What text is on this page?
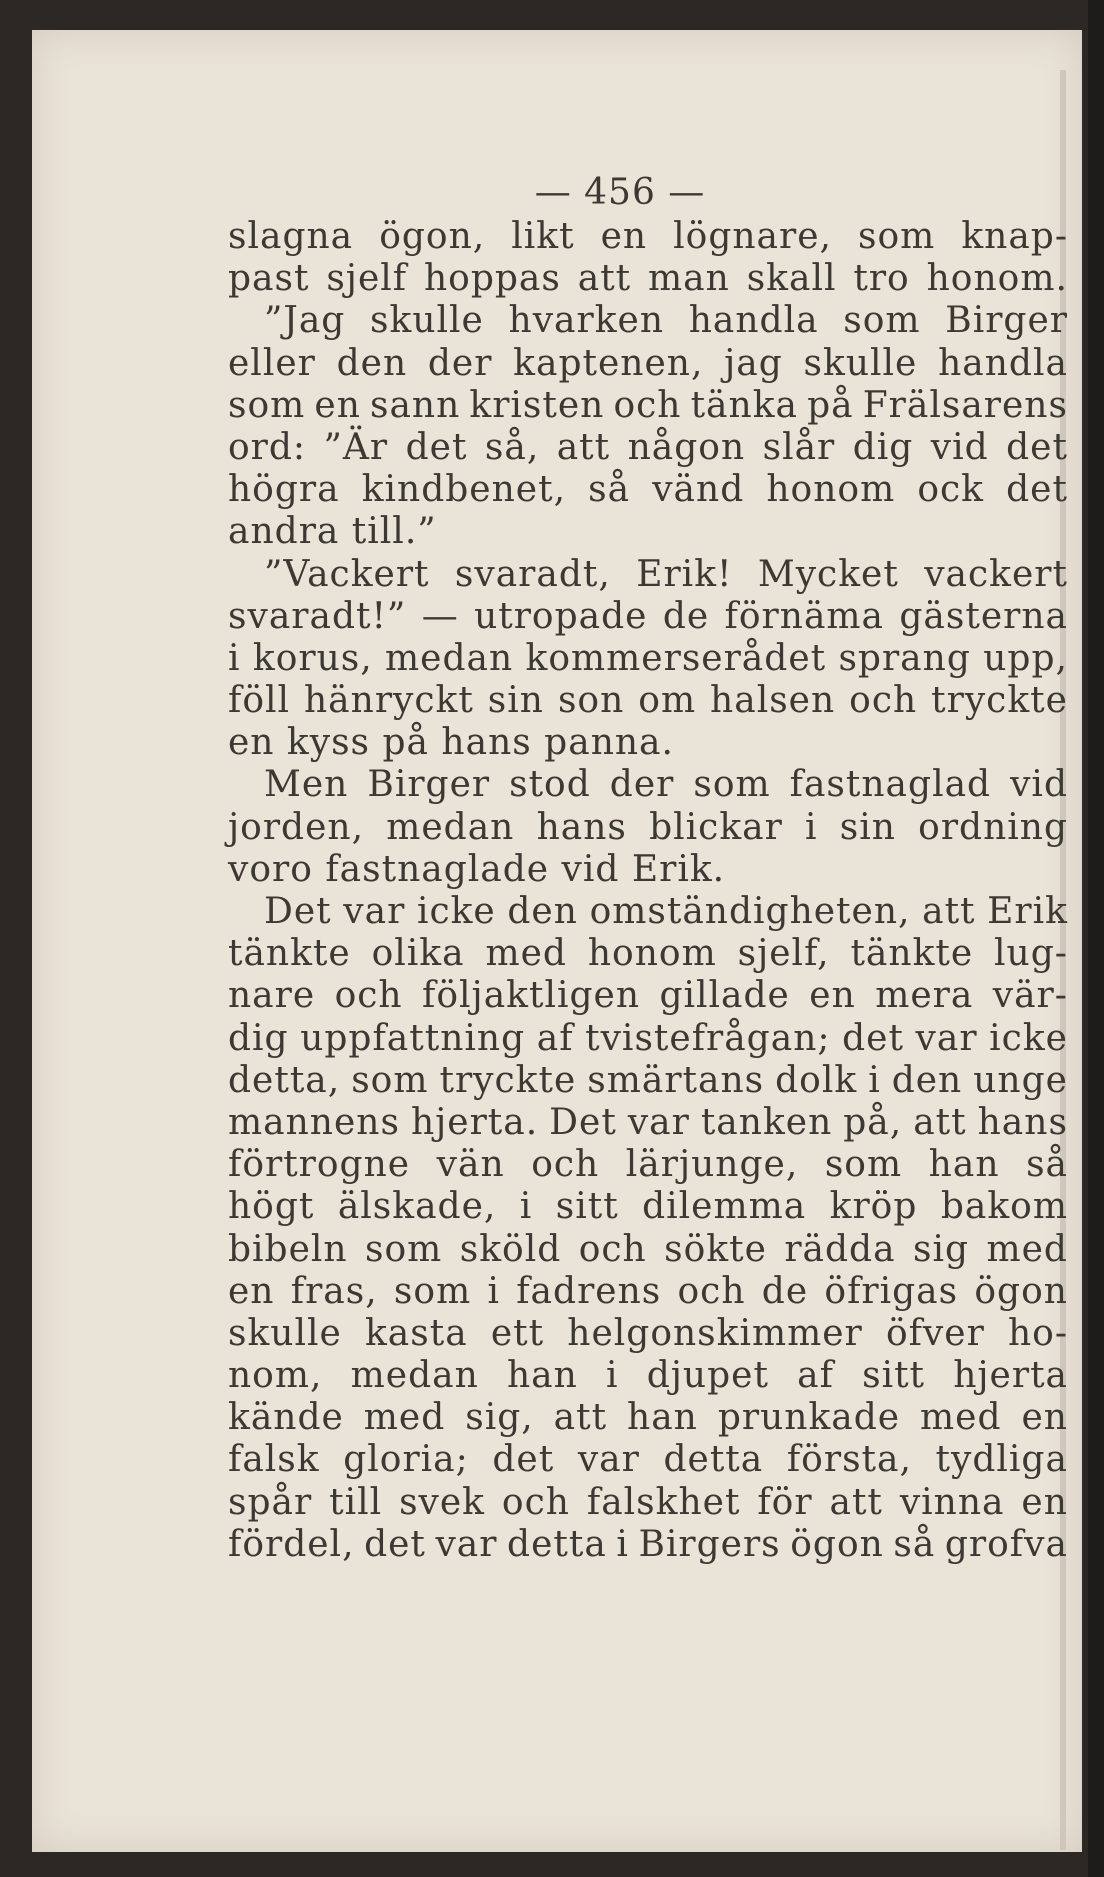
— 456 —
slagna ögon, likt en lögnare, som knap-
past sjelf hoppas att man skall tro honom.
”Jag skulle hvarken handla som Birger
eller den der kaptenen, jag skulle handla
som en sann kristen och tänka på Frälsarens
ord: ”Är det så, att någon slår dig vid det
högra kindbenet, så vänd honom ock det
andra till.”
”Vackert svaradt, Erik! Mycket vackert
svaradt!” — utropade de förnäma gästerna
i korus, medan kommerserådet sprang upp,
föll hänryckt sin son om halsen och tryckte
en kyss på hans panna.
Men Birger stod der som fastnaglad vid
jorden, medan hans blickar i sin ordning
voro fastnaglade vid Erik.
Det var icke den omständigheten, att Erik
tänkte olika med honom sjelf, tänkte lug-
nare och följaktligen gillade en mera vär-
dig uppfattning af tvistefrågan; det var icke
detta, som tryckte smärtans dolk i den unge
mannens hjerta. Det var tanken på, att hans
förtrogne vän och lärjunge, som han så
högt älskade, i sitt dilemma kröp bakom
bibeln som sköld och sökte rädda sig med
en fras, som i fadrens och de öfrigas ögon
skulle kasta ett helgonskimmer öfver ho-
nom, medan han i djupet af sitt hjerta
kände med sig, att han prunkade med en
falsk gloria; det var detta första, tydliga
spår till svek och falskhet för att vinna en
fördel, det var detta i Birgers ögon så grofva
